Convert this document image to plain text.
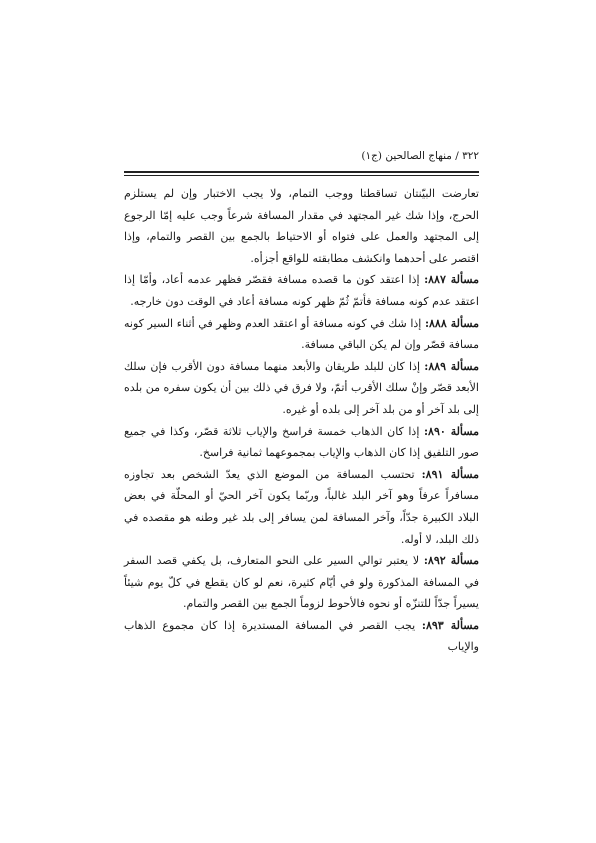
٣٢٢ / منهاج الصالحين (ج١)

تعارضت البيّنتان تساقطتا ووجب التمام، ولا يجب الاختبار وإن لم يستلزم الحرج، وإذا شك غير المجتهد في مقدار المسافة شرعاً وجب عليه إمّا الرجوع إلى المجتهد والعمل على فتواه أو الاحتياط بالجمع بين القصر والتمام، وإذا اقتصر على أحدهما وانكشف مطابقته للواقع أجزأه.

مسألة ٨٨٧: إذا اعتقد كون ما قصده مسافة فقصّر فظهر عدمه أعاد، وأمّا إذا اعتقد عدم كونه مسافة فأتمّ ثُمّ ظهر كونه مسافة أعاد في الوقت دون خارجه.

مسألة ٨٨٨: إذا شك في كونه مسافة أو اعتقد العدم وظهر في أثناء السير كونه مسافة قصّر وإن لم يكن الباقي مسافة.

مسألة ٨٨٩: إذا كان للبلد طريقان والأبعد منهما مسافة دون الأقرب فإن سلك الأبعد قصّر وإنْ سلك الأقرب أتمّ، ولا فرق في ذلك بين أن يكون سفره من بلده إلى بلد آخر أو من بلد آخر إلى بلده أو غيره.

مسألة ٨٩٠: إذا كان الذهاب خمسة فراسخ والإياب ثلاثة قصّر، وكذا في جميع صور التلفيق إذا كان الذهاب والإياب بمجموعهما ثمانية فراسخ.

مسألة ٨٩١: تحتسب المسافة من الموضع الذي يعدّ الشخص بعد تجاوزه مسافراً عرفاً وهو آخر البلد غالباً، وربّما يكون آخر الحيّ أو المحلّة في بعض البلاد الكبيرة جدّاً، وآخر المسافة لمن يسافر إلى بلد غير وطنه هو مقصده في ذلك البلد، لا أوله.

مسألة ٨٩٢: لا يعتبر توالي السير على النحو المتعارف، بل يكفي قصد السفر في المسافة المذكورة ولو في أيّام كثيرة، نعم لو كان يقطع في كلّ يوم شيئاً يسيراً جدّاً للتنزّه أو نحوه فالأحوط لزوماً الجمع بين القصر والتمام.

مسألة ٨٩٣: يجب القصر في المسافة المستديرة إذا كان مجموع الذهاب والإياب
